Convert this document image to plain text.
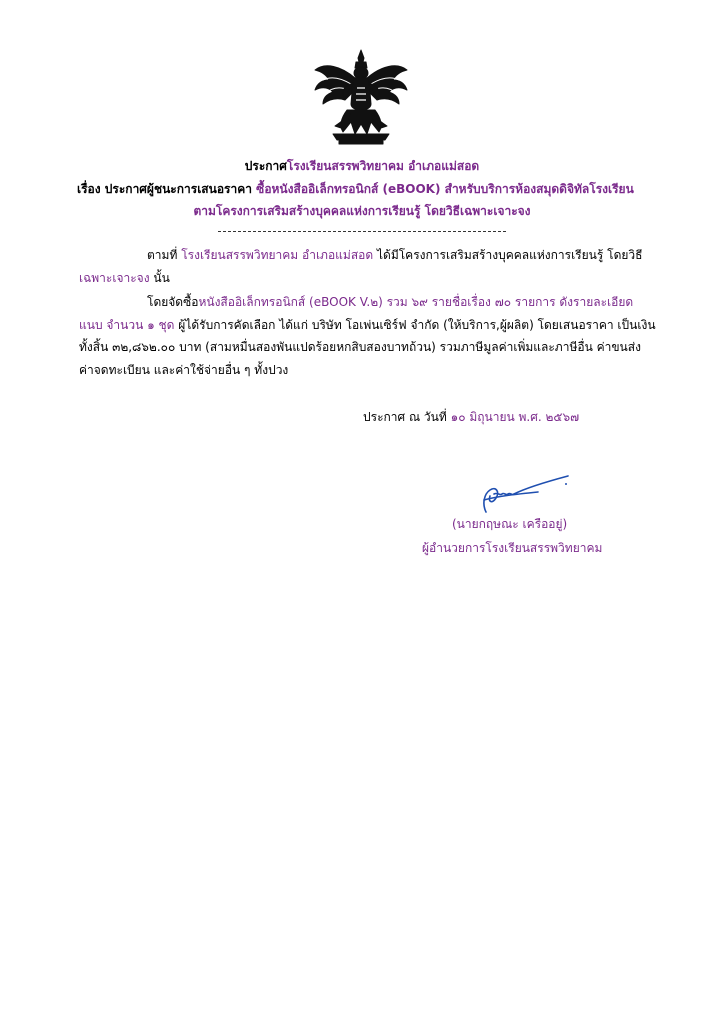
ประกาศโรงเรียนสรรพวิทยาคม อำเภอแม่สอด
เรื่อง ประกาศผู้ชนะการเสนอราคา ซื้อหนังสืออิเล็กทรอนิกส์ (eBOOK) สำหรับบริการห้องสมุดดิจิทัลโรงเรียน
ตามโครงการเสริมสร้างบุคคลแห่งการเรียนรู้ โดยวิธีเฉพาะเจาะจง
ตามที่ โรงเรียนสรรพวิทยาคม อำเภอแม่สอด ได้มีโครงการเสริมสร้างบุคคลแห่งการเรียนรู้ โดยวิธี
เฉพาะเจาะจง นั้น
โดยจัดซื้อหนังสืออิเล็กทรอนิกส์ (eBOOK V.๒) รวม ๖๙ รายชื่อเรื่อง ๗๐ รายการ ดังรายละเอียด
แนบ จำนวน ๑ ชุด ผู้ได้รับการคัดเลือก ได้แก่ บริษัท โอเพ่นเซิร์ฟ จำกัด (ให้บริการ,ผู้ผลิต) โดยเสนอราคา เป็นเงิน
ทั้งสิ้น ๓๒,๘๖๒.๐๐ บาท (สามหมื่นสองพันแปดร้อยหกสิบสองบาทถ้วน) รวมภาษีมูลค่าเพิ่มและภาษีอื่น ค่าขนส่ง
ค่าจดทะเบียน และค่าใช้จ่ายอื่น ๆ ทั้งปวง
ประกาศ ณ วันที่ ๑๐ มิถุนายน พ.ศ. ๒๕๖๗
(นายกฤษณะ เครืออยู่)
ผู้อำนวยการโรงเรียนสรรพวิทยาคม
